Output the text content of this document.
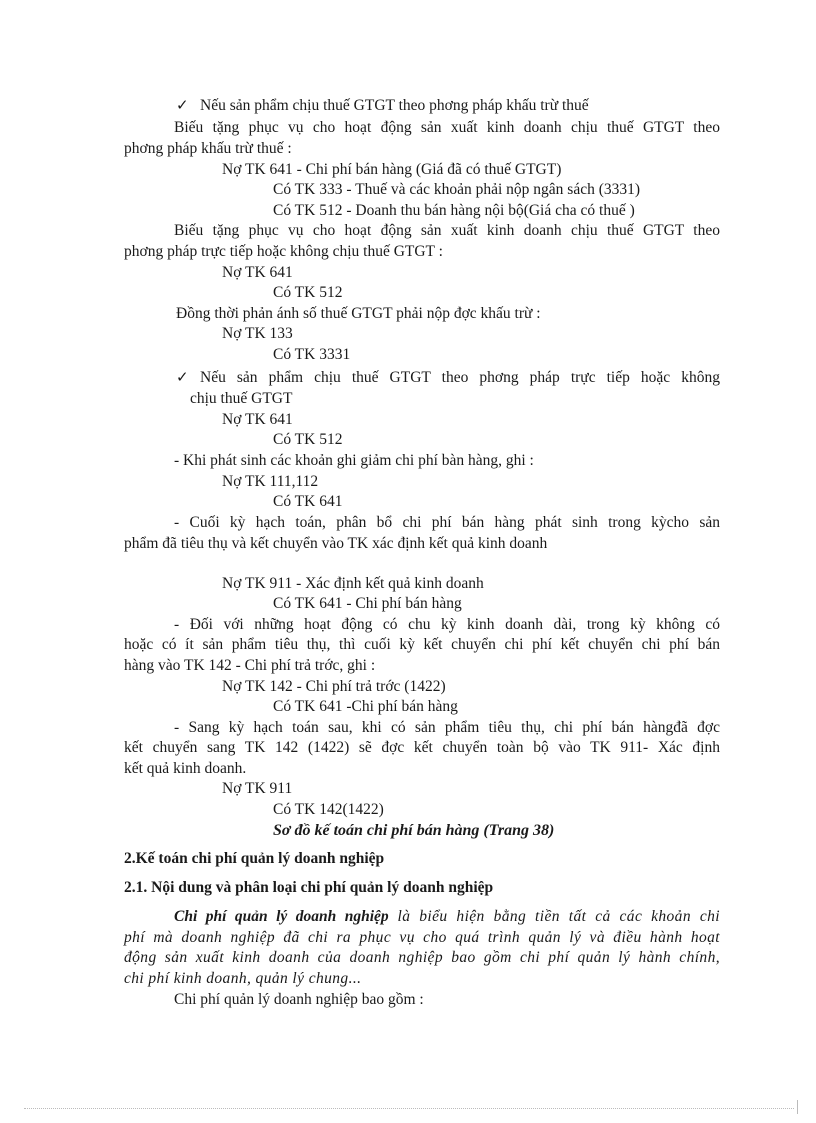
✓ Nếu sản phẩm chịu thuế GTGT theo phơng pháp khấu trừ thuế
Biếu tặng phục vụ cho hoạt động sản xuất kinh doanh chịu thuế GTGT theo
phơng pháp khấu trừ thuế :
Nợ TK 641 - Chi phí bán hàng (Giá đã có thuế GTGT)
Có TK 333 - Thuế và các khoản phải nộp ngân sách (3331)
Có TK 512 - Doanh thu bán hàng nội bộ(Giá cha có thuế )
Biếu tặng phục vụ cho hoạt động sản xuất kinh doanh chịu thuế GTGT theo
phơng pháp trực tiếp hoặc không chịu thuế GTGT :
Nợ TK 641
Có TK 512
Đồng thời phản ánh số thuế GTGT phải nộp đợc khấu trừ :
Nợ TK 133
Có TK 3331
✓ Nếu sản phẩm chịu thuế GTGT theo phơng pháp trực tiếp hoặc không
chịu thuế GTGT
Nợ TK 641
Có TK 512
- Khi phát sinh các khoản ghi giảm chi phí bàn hàng, ghi :
Nợ TK 111,112
Có TK 641
- Cuối kỳ hạch toán, phân bổ chi phí bán hàng phát sinh trong kỳcho sản
phẩm đã tiêu thụ và kết chuyển vào TK xác định kết quả kinh doanh
Nợ TK 911 - Xác định kết quả kinh doanh
Có TK 641 - Chi phí bán hàng
- Đối với những hoạt động có chu kỳ kinh doanh dài, trong kỳ không có
hoặc có ít sản phẩm tiêu thụ, thì cuối kỳ kết chuyển chi phí kết chuyển chi phí bán
hàng vào TK 142 - Chi phí trả trớc, ghi :
Nợ TK 142 - Chi phí trả trớc (1422)
Có TK 641 -Chi phí bán hàng
- Sang kỳ hạch toán sau, khi có sản phẩm tiêu thụ, chi phí bán hàngđã đợc
kết chuyển sang TK 142 (1422) sẽ đợc kết chuyển toàn bộ vào TK 911- Xác định
kết quả kinh doanh.
Nợ TK 911
Có TK 142(1422)
Sơ đồ kế toán chi phí bán hàng (Trang 38)
2.Kế toán chi phí quản lý doanh nghiệp
2.1. Nội dung và phân loại chi phí quản lý doanh nghiệp
Chi phí quản lý doanh nghiệp là biểu hiện bằng tiền tất cả các khoản chi
phí mà doanh nghiệp đã chi ra phục vụ cho quá trình quản lý và điều hành hoạt
động sản xuất kinh doanh của doanh nghiệp bao gồm chi phí quản lý hành chính,
chi phí kinh doanh, quản lý chung...
Chi phí quản lý doanh nghiệp bao gồm :
